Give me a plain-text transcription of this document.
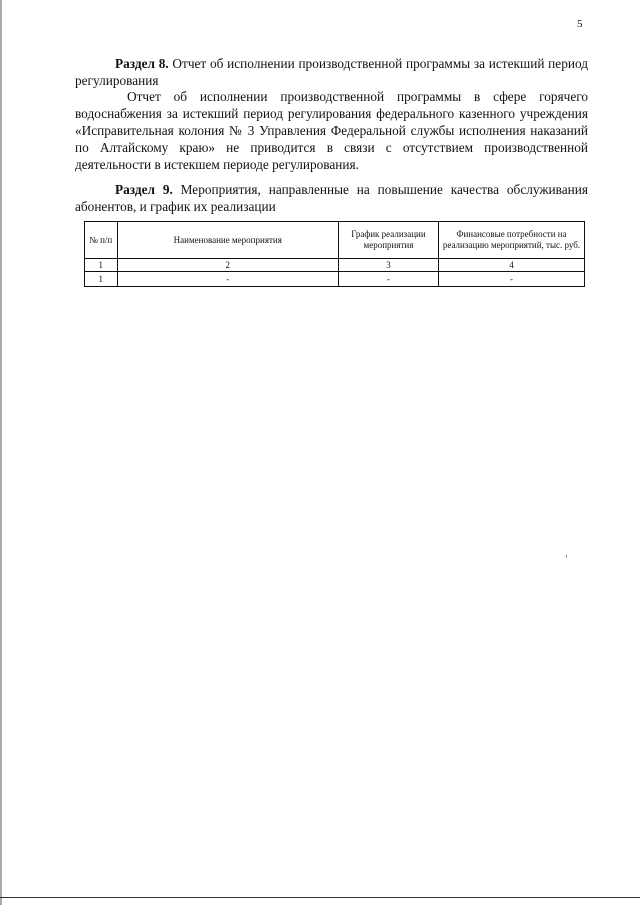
5
Раздел 8. Отчет об исполнении производственной программы за истекший период регулирования
Отчет об исполнении производственной программы в сфере горячего водоснабжения за истекший период регулирования федерального казенного учреждения «Исправительная колония № 3 Управления Федеральной службы исполнения наказаний по Алтайскому краю» не приводится в связи с отсутствием производственной деятельности в истекшем периоде регулирования.
Раздел 9. Мероприятия, направленные на повышение качества обслуживания абонентов, и график их реализации
№ п/п	Наименование мероприятия	График реализации мероприятия	Финансовые потребности на реализацию мероприятий, тыс. руб.
1	2	3	4
1	-	-	-
